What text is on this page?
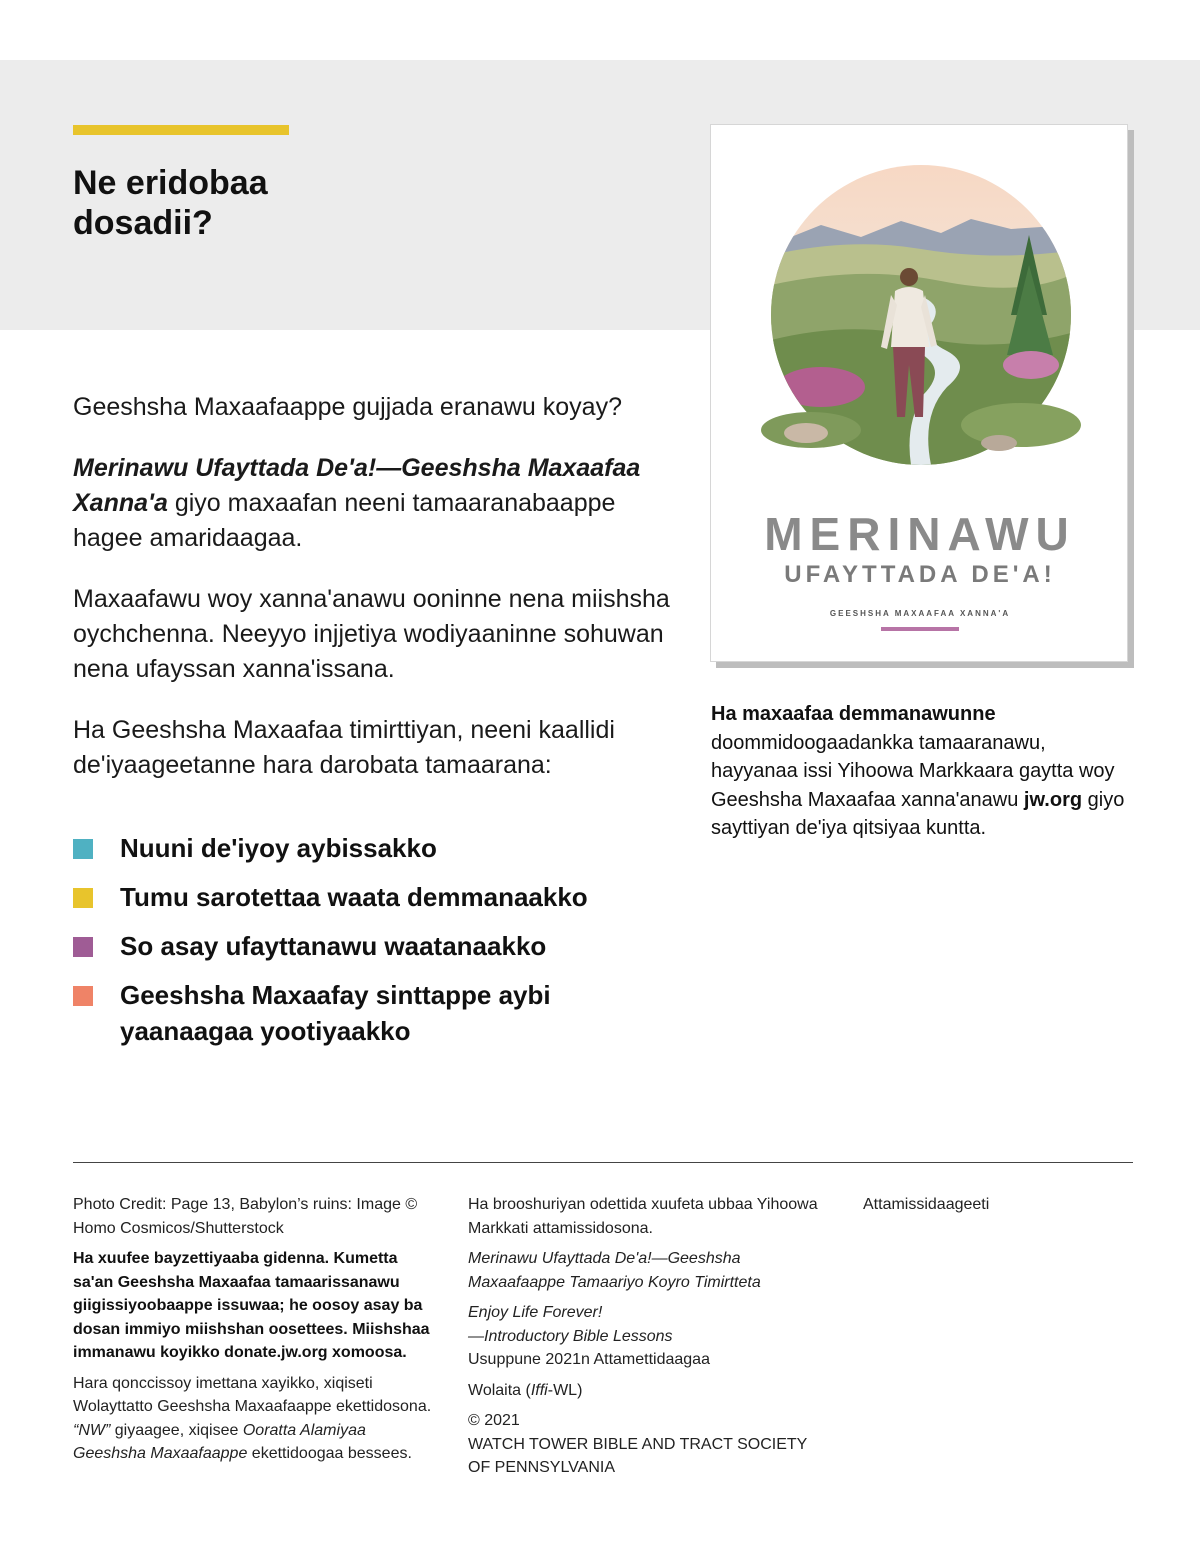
Ne eridobaa
dosadii?

Geeshsha Maxaafaappe gujjada eranawu koyay?

Merinawu Ufayttada De'a!—Geeshsha Maxaafaa Xanna'a giyo maxaafan neeni tamaaranabaappe hagee amaridaagaa.

Maxaafawu woy xanna'anawu ooninne nena miishsha oychchenna. Neeyyo injjetiya wodiyaaninne sohuwan nena ufayssan xanna'issana.

Ha Geeshsha Maxaafaa timirttiyan, neeni kaallidi de'iyaageetanne hara darobata tamaarana:

Nuuni de'iyoy aybissakko
Tumu sarotettaa waata demmanaakko
So asay ufayttanawu waatanaakko
Geeshsha Maxaafay sinttappe aybi yaanaagaa yootiyaakko
MERINAWU
UFAYTTADA DE'A!
GEESHSHA MAXAAFAA XANNA'A

Ha maxaafaa demmanawunne doommidoogaadankka tamaaranawu, hayyanaa issi Yihoowa Markkaara gaytta woy Geeshsha Maxaafaa xanna'anawu jw.org giyo sayttiyan de'iya qitsiyaa kuntta.

Photo Credit: Page 13, Babylon’s ruins: Image © Homo Cosmicos/Shutterstock

Ha xuufee bayzettiyaaba gidenna. Kumetta sa'an Geeshsha Maxaafaa tamaarissanawu giigissiyoobaappe issuwaa; he oosoy asay ba dosan immiyo miishshan oosettees. Miishshaa immanawu koyikko donate.jw.org xomoosa.

Hara qonccissoy imettana xayikko, xiqiseti Wolayttatto Geeshsha Maxaafaappe ekettidosona. “NW” giyaagee, xiqisee Ooratta Alamiyaa Geeshsha Maxaafaappe ekettidoogaa bessees.

Ha brooshuriyan odettida xuufeta ubbaa Yihoowa Markkati attamissidosona.

Merinawu Ufayttada De'a!—Geeshsha Maxaafaappe Tamaariyo Koyro Timirtteta

Enjoy Life Forever!
—Introductory Bible Lessons
Usuppune 2021n Attamettidaagaa

Wolaita (Iffi-WL)

© 2021
WATCH TOWER BIBLE AND TRACT SOCIETY
OF PENNSYLVANIA

Attamissidaageeti
